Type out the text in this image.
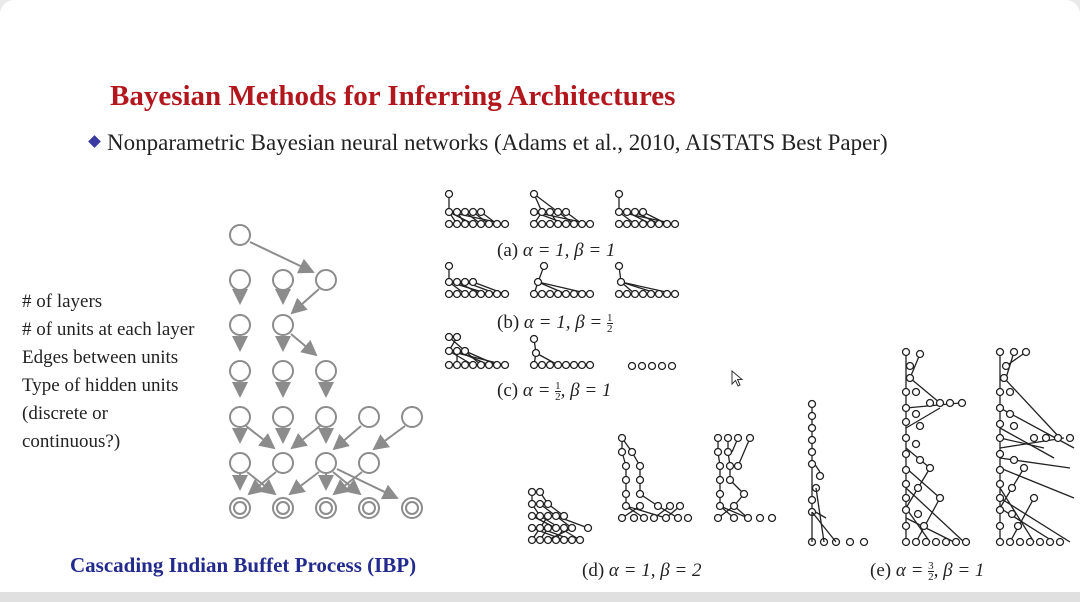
Bayesian Methods for Inferring Architectures
Nonparametric Bayesian neural networks (Adams et al., 2010, AISTATS Best Paper)
# of layers
# of units at each layer
Edges between units
Type of hidden units
(discrete or
continuous?)
(a) α = 1, β = 1
(b) α = 1, $\beta = \frac{1}{2}$
(c) $\alpha = \frac{1}{2}$ , β = 1
(d) α = 1, β = 2	(e) $\alpha = \frac{3}{2}$ , β = 1
Cascading Indian Buffet Process (IBP)
